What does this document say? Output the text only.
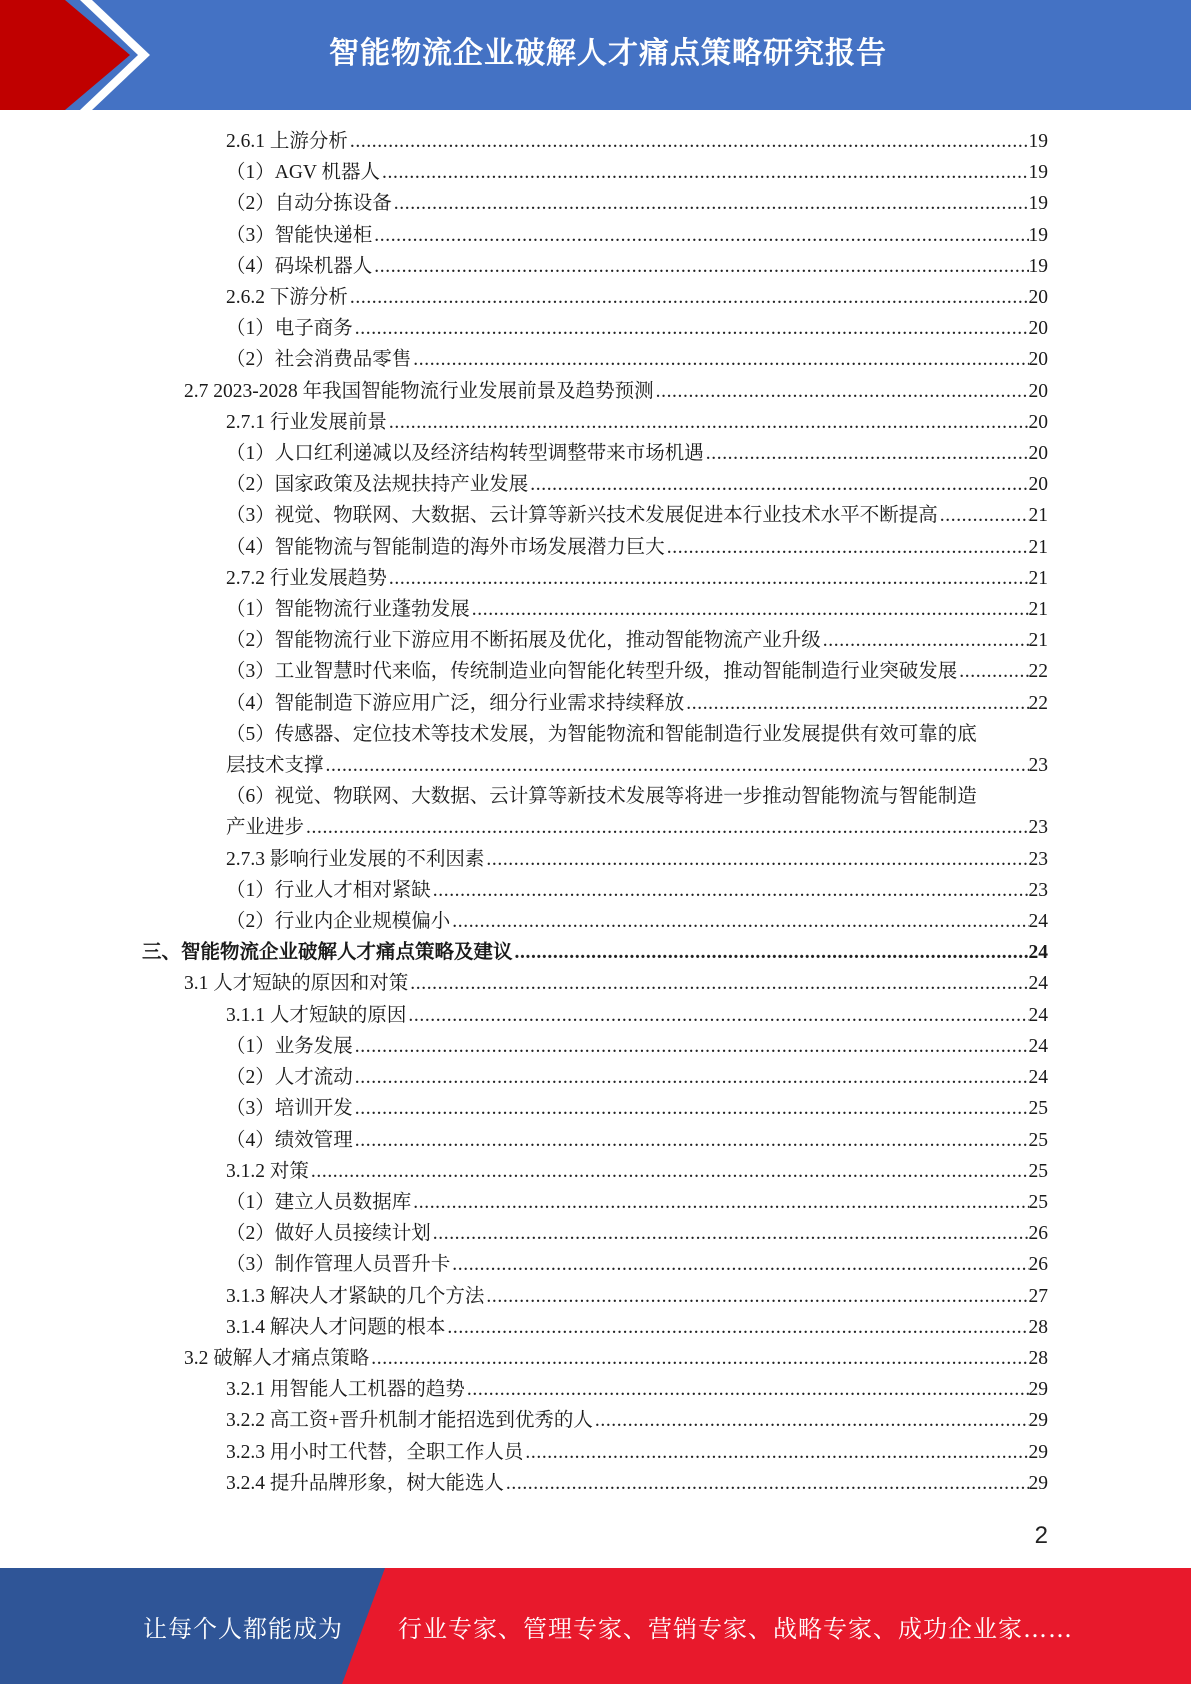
智能物流企业破解人才痛点策略研究报告
2.6.1 上游分析 .....	19
（1）AGV 机器人 .....	19
（2）自动分拣设备 .....	19
（3）智能快递柜 .....	19
（4）码垛机器人 .....	19
2.6.2 下游分析 .....	20
（1）电子商务 .....	20
（2）社会消费品零售 .....	20
2.7 2023-2028 年我国智能物流行业发展前景及趋势预测 .....	20
2.7.1 行业发展前景 .....	20
（1）人口红利递减以及经济结构转型调整带来市场机遇 .....	20
（2）国家政策及法规扶持产业发展 .....	20
（3）视觉、物联网、大数据、云计算等新兴技术发展促进本行业技术水平不断提高 .....	21
（4）智能物流与智能制造的海外市场发展潜力巨大 .....	21
2.7.2 行业发展趋势 .....	21
（1）智能物流行业蓬勃发展 .....	21
（2）智能物流行业下游应用不断拓展及优化，推动智能物流产业升级 .....	21
（3）工业智慧时代来临，传统制造业向智能化转型升级，推动智能制造行业突破发展 .....	22
（4）智能制造下游应用广泛，细分行业需求持续释放 .....	22
（5）传感器、定位技术等技术发展，为智能物流和智能制造行业发展提供有效可靠的底
层技术支撑 .....	23
（6）视觉、物联网、大数据、云计算等新技术发展等将进一步推动智能物流与智能制造
产业进步 .....	23
2.7.3 影响行业发展的不利因素 .....	23
（1）行业人才相对紧缺 .....	23
（2）行业内企业规模偏小 .....	24
三、智能物流企业破解人才痛点策略及建议 .....	24
3.1 人才短缺的原因和对策 .....	24
3.1.1 人才短缺的原因 .....	24
（1）业务发展 .....	24
（2）人才流动 .....	24
（3）培训开发 .....	25
（4）绩效管理 .....	25
3.1.2 对策 .....	25
（1）建立人员数据库 .....	25
（2）做好人员接续计划 .....	26
（3）制作管理人员晋升卡 .....	26
3.1.3 解决人才紧缺的几个方法 .....	27
3.1.4 解决人才问题的根本 .....	28
3.2 破解人才痛点策略 .....	28
3.2.1 用智能人工机器的趋势 .....	29
3.2.2 高工资+晋升机制才能招选到优秀的人 .....	29
3.2.3 用小时工代替，全职工作人员 .....	29
3.2.4 提升品牌形象，树大能选人 .....	29
2
让每个人都能成为 行业专家、管理专家、营销专家、战略专家、成功企业家……
